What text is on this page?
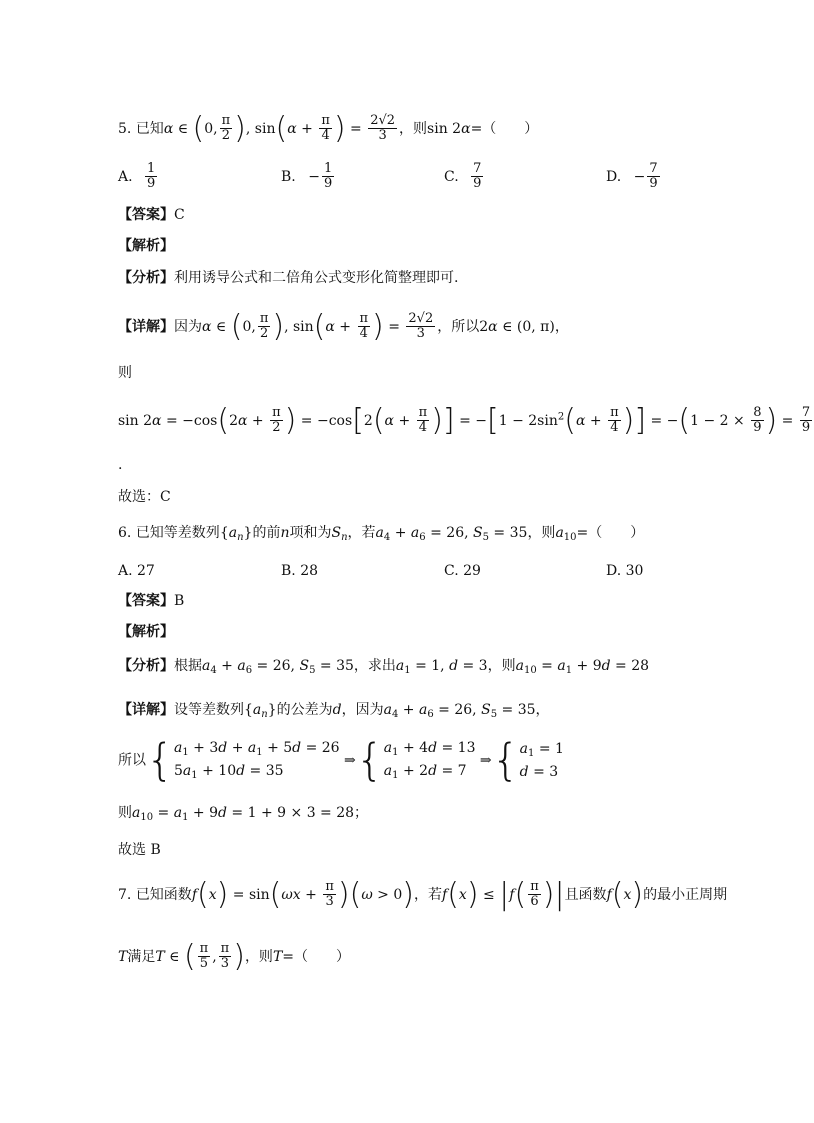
5. 已知α ∈ (0, $\frac{\pi}{2}$ ), $\sin(\alpha + \frac{\pi}{4}$ ) = $\frac{2√2}{3}$ ，则sin 2α=（　　）
A. $\frac{1}{9}$	B. − $\frac{1}{9}$	C. $\frac{7}{9}$	D. − $\frac{7}{9}$
【答案】C
【解析】
【分析】利用诱导公式和二倍角公式变形化简整理即可.
【详解】因为α ∈ (0, $\frac{\pi}{2}$ ), $\sin(\alpha + \frac{\pi}{4}$ ) = $\frac{2√2}{3}$ ，所以2α ∈ (0, π)，
则
$\sin 2\alpha = -\cos(2\alpha + \frac{\pi}{2}$ ) = $-\cos[2(\alpha + \frac{\pi}{4}$ )] = $-[1 - 2\sin^2(\alpha + \frac{\pi}{4}$ )] = $-(1 - 2 \times \frac{8}{9}$ ) = $\frac{7}{9}$
.
故选：C
6. 已知等差数列$\{a_n\}$的前n项和为$S_n$，若$a_4 + a_6 = 26$, $S_5 = 35$，则$a_{10}=$（　　）
A. 27	B. 28	C. 29	D. 30
【答案】B
【解析】
【分析】根据$a_4 + a_6 = 26$, $S_5 = 35$，求出$a_1 = 1$, d = 3，则$a_{10} = a_1 + 9d = 28$
【详解】设等差数列$\{a_n\}$的公差为d，因为$a_4 + a_6 = 26$, $S_5 = 35$，
所以{ $a_1 + 3d + a_1 + 5d = 26$
$5a_1 + 10d = 35$
⇒{ $a_1 + 4d = 13$
$a_1 + 2d = 7$
⇒{ $a_1 = 1$
d = 3
则$a_{10} = a_1 + 9d = 1 + 9 \times 3 = 28$；
故选 B
7. 已知函数$f(x) = \sin(\omega x + \frac{\pi}{3} )(\omega > 0)$，若$f(x) \le |f( \frac{\pi}{6}$ )|且函数f(x)的最小正周期
T满足T ∈ ( $\frac{\pi}{5}$ , $\frac{\pi}{3}$ )，则T=（　　）
